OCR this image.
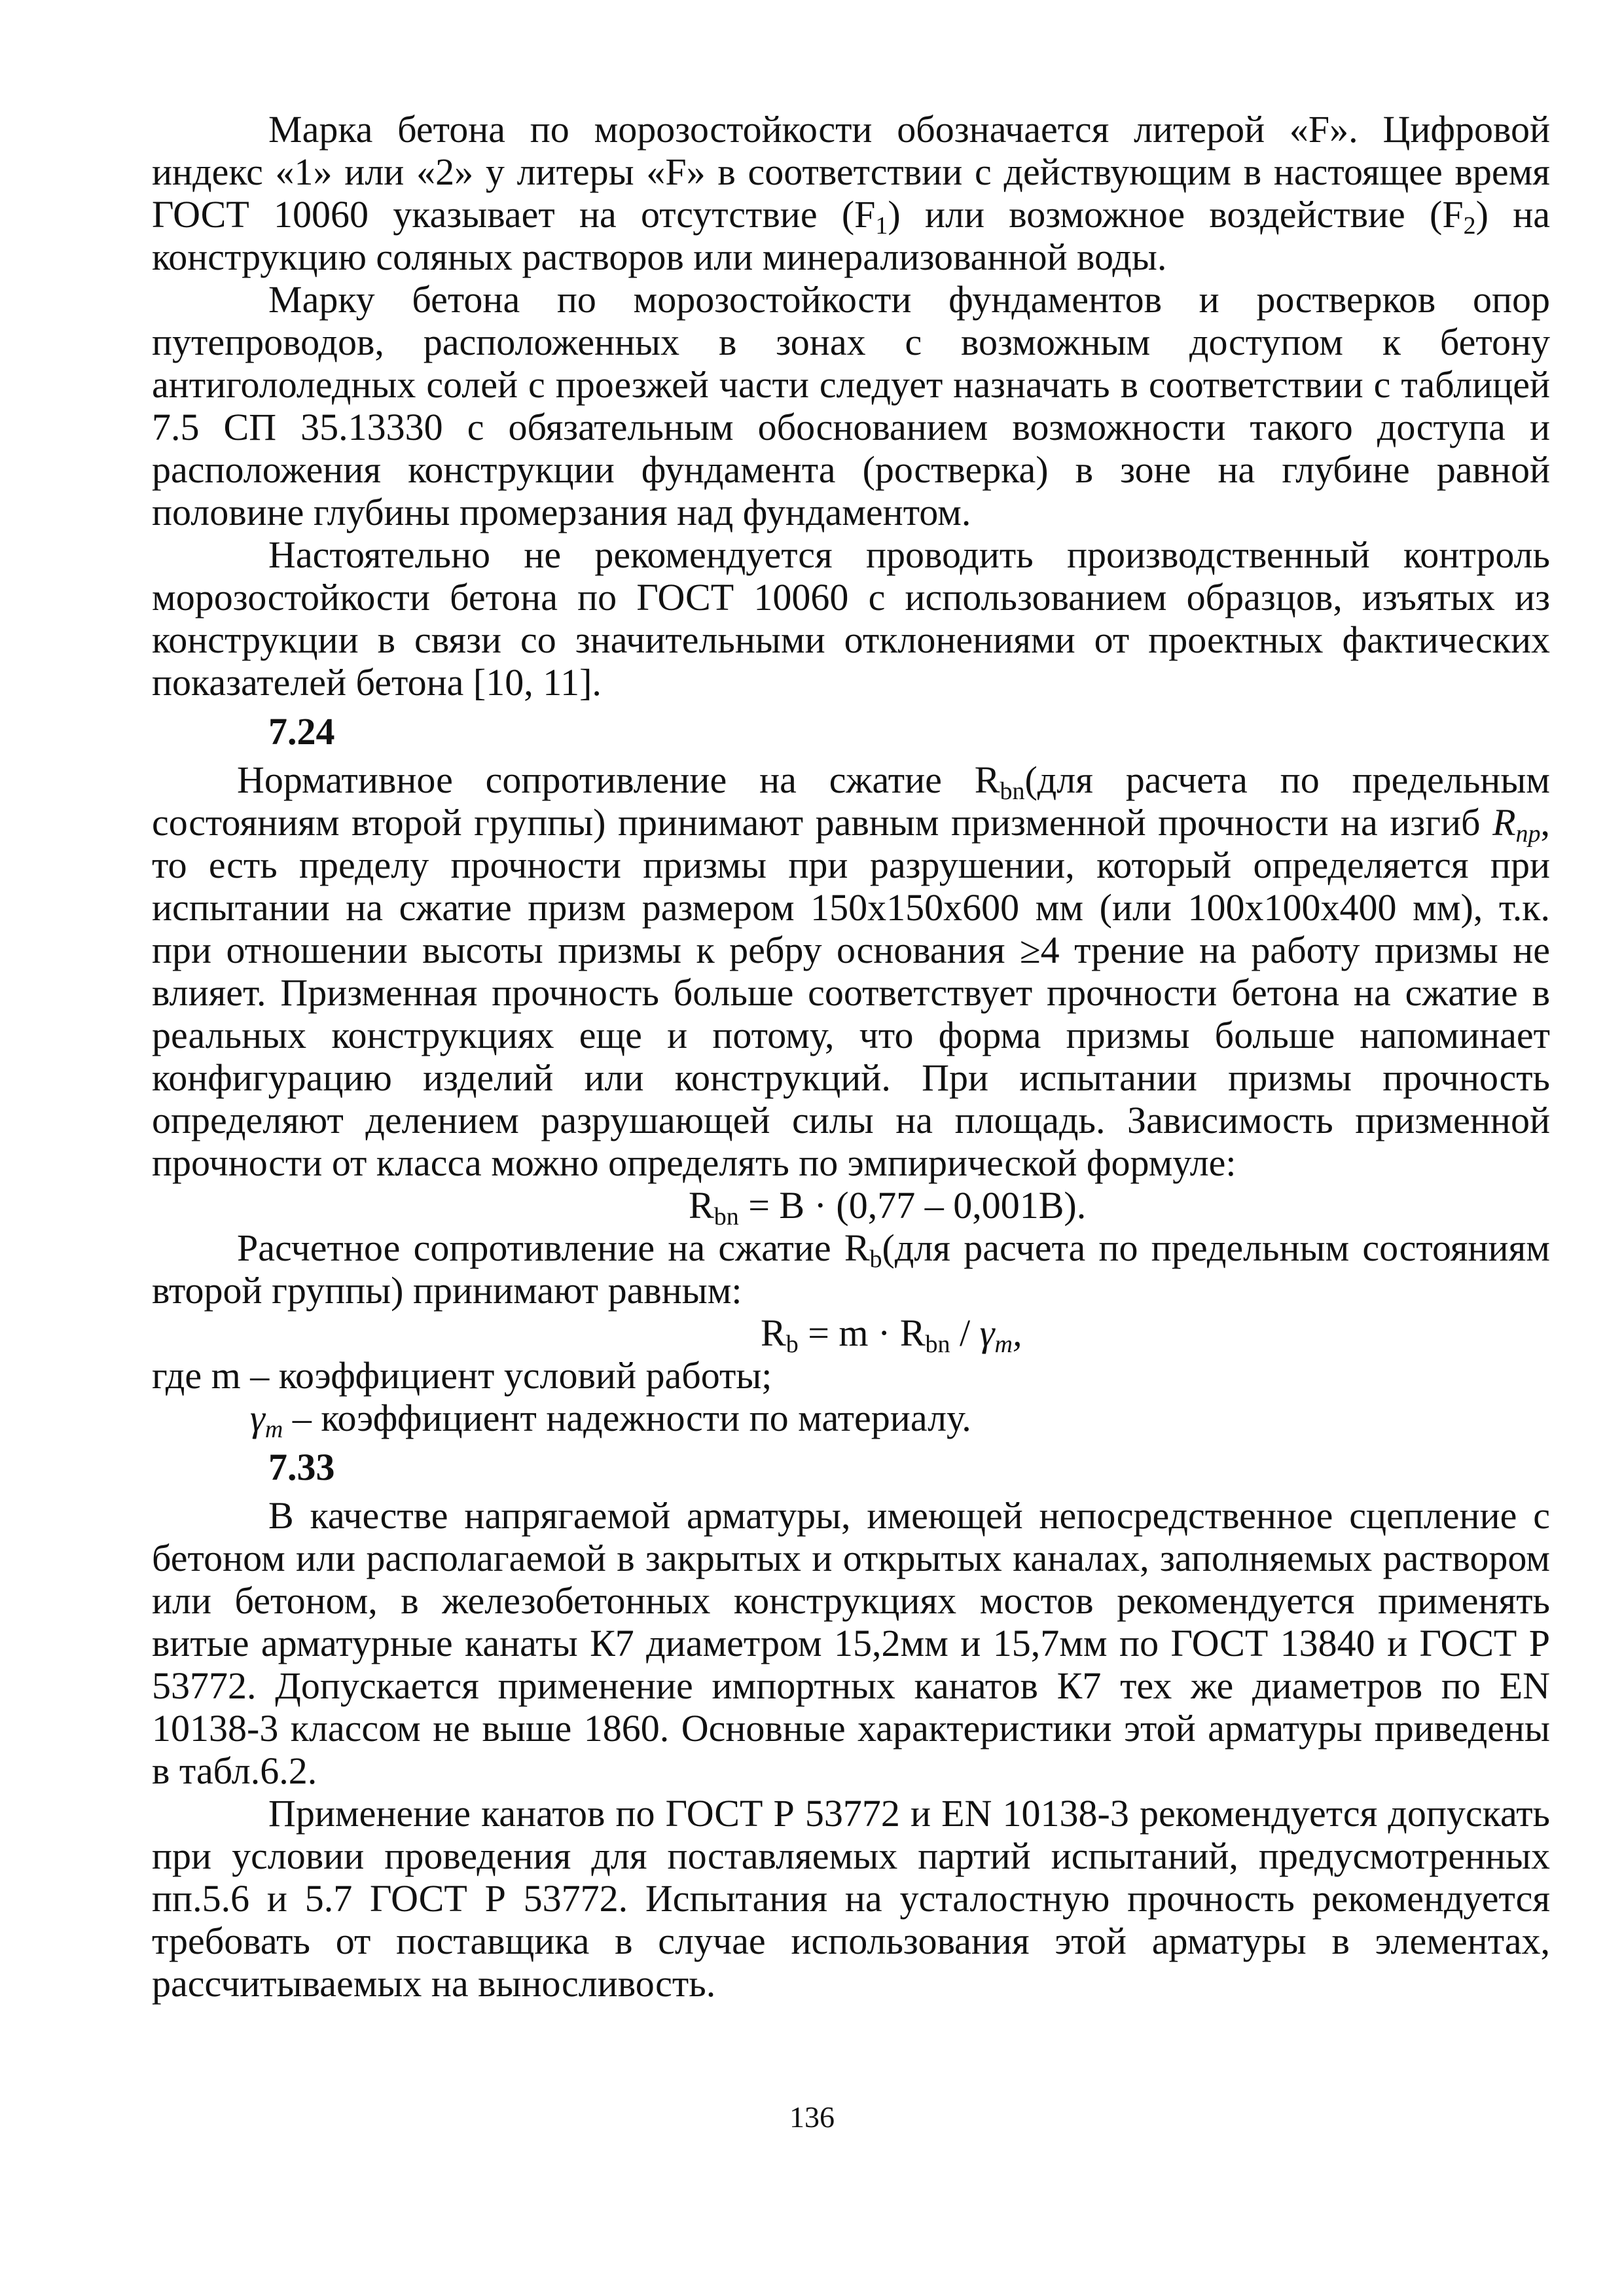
Марка бетона по морозостойкости обозначается литерой «F». Цифровой индекс «1» или «2» у литеры «F» в соответствии с действующим в настоящее время ГОСТ 10060 указывает на отсутствие $(F_1)$ или возможное воздействие $(F_2)$ на конструкцию соляных растворов или минерализованной воды.

Марку бетона по морозостойкости фундаментов и ростверков опор путепроводов, расположенных в зонах с возможным доступом к бетону антигололедных солей с проезжей части следует назначать в соответствии с таблицей 7.5 СП 35.13330 с обязательным обоснованием возможности такого доступа и расположения конструкции фундамента (ростверка) в зоне на глубине равной половине глубины промерзания над фундаментом.

Настоятельно не рекомендуется проводить производственный контроль морозостойкости бетона по ГОСТ 10060 с использованием образцов, изъятых из конструкции в связи со значительными отклонениями от проектных фактических показателей бетона [10, 11].

7.24

Нормативное сопротивление на сжатие $R_{bn}(для$ расчета по предельным состояниям второй группы) принимают равным призменной прочности на изгиб $R_{пр}$, то есть пределу прочности призмы при разрушении, который определяется при испытании на сжатие призм размером 150х150х600 мм (или 100х100х400 мм), т.к. при отношении высоты призмы к ребру основания ≥4 трение на работу призмы не влияет. Призменная прочность больше соответствует прочности бетона на сжатие в реальных конструкциях еще и потому, что форма призмы больше напоминает конфигурацию изделий или конструкций. При испытании призмы прочность определяют делением разрушающей силы на площадь. Зависимость призменной прочности от класса можно определять по эмпирической формуле:

$R_{bn} = B \cdot (0,77 - 0,001B)$.

Расчетное сопротивление на сжатие $R_b(для$ расчета по предельным состояниям второй группы) принимают равным:

$R_b = m \cdot R_{bn} / \gamma_m$,

где m – коэффициент условий работы;

$\gamma_m$ – коэффициент надежности по материалу.

7.33

В качестве напрягаемой арматуры, имеющей непосредственное сцепление с бетоном или располагаемой в закрытых и открытых каналах, заполняемых раствором или бетоном, в железобетонных конструкциях мостов рекомендуется применять витые арматурные канаты К7 диаметром 15,2мм и 15,7мм по ГОСТ 13840 и ГОСТ Р 53772. Допускается применение импортных канатов К7 тех же диаметров по EN 10138-3 классом не выше 1860. Основные характеристики этой арматуры приведены в табл.6.2.

Применение канатов по ГОСТ Р 53772 и EN 10138-3 рекомендуется допускать при условии проведения для поставляемых партий испытаний, предусмотренных пп.5.6 и 5.7 ГОСТ Р 53772. Испытания на усталостную прочность рекомендуется требовать от поставщика в случае использования этой арматуры в элементах, рассчитываемых на выносливость.

136
